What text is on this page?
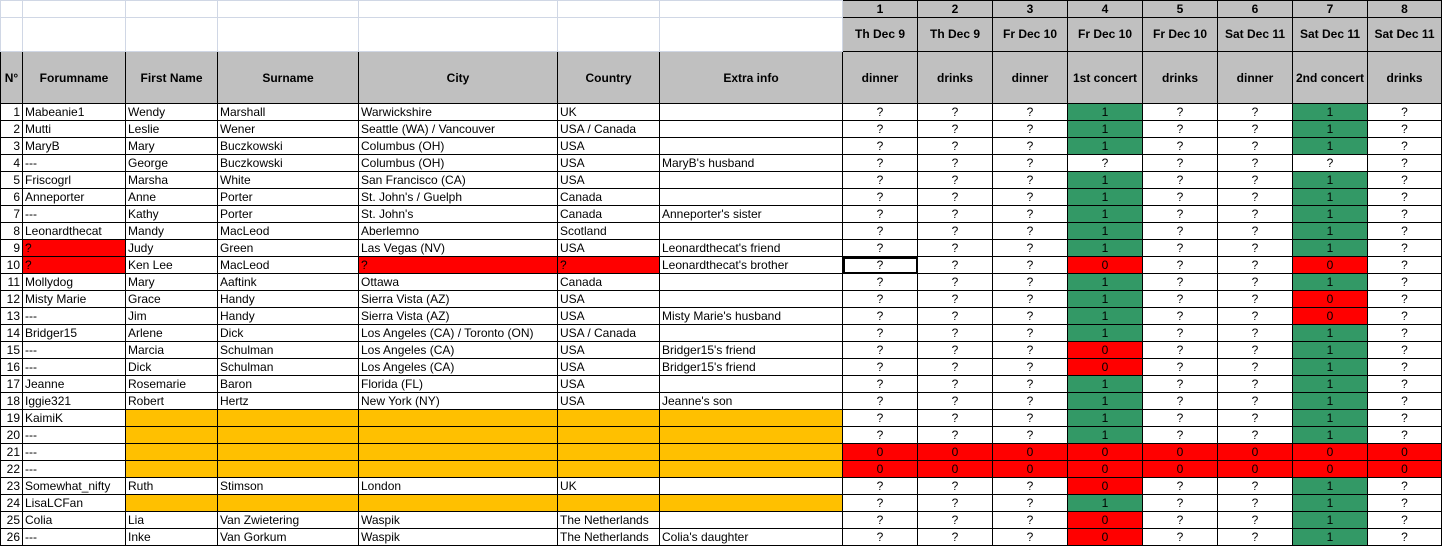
							1	2	3	4	5	6	7	8
							Th Dec 9	Th Dec 9	Fr Dec 10	Fr Dec 10	Fr Dec 10	Sat Dec 11	Sat Dec 11	Sat Dec 11
N°	Forumname	First Name	Surname	City	Country	Extra info	dinner	drinks	dinner	1st concert	drinks	dinner	2nd concert	drinks
1	Mabeanie1	Wendy	Marshall	Warwickshire	UK		?	?	?	1	?	?	1	?
2	Mutti	Leslie	Wener	Seattle (WA) / Vancouver	USA / Canada		?	?	?	1	?	?	1	?
3	MaryB	Mary	Buczkowski	Columbus (OH)	USA		?	?	?	1	?	?	1	?
4	---	George	Buczkowski	Columbus (OH)	USA	MaryB's husband	?	?	?	?	?	?	?	?
5	Friscogrl	Marsha	White	San Francisco (CA)	USA		?	?	?	1	?	?	1	?
6	Anneporter	Anne	Porter	St. John's / Guelph	Canada		?	?	?	1	?	?	1	?
7	---	Kathy	Porter	St. John's	Canada	Anneporter's sister	?	?	?	1	?	?	1	?
8	Leonardthecat	Mandy	MacLeod	Aberlemno	Scotland		?	?	?	1	?	?	1	?
9	?	Judy	Green	Las Vegas (NV)	USA	Leonardthecat's friend	?	?	?	1	?	?	1	?
10	?	Ken Lee	MacLeod	?	?	Leonardthecat's brother	?	?	?	0	?	?	0	?
11	Mollydog	Mary	Aaftink	Ottawa	Canada		?	?	?	1	?	?	1	?
12	Misty Marie	Grace	Handy	Sierra Vista (AZ)	USA		?	?	?	1	?	?	0	?
13	---	Jim	Handy	Sierra Vista (AZ)	USA	Misty Marie's husband	?	?	?	1	?	?	0	?
14	Bridger15	Arlene	Dick	Los Angeles (CA) / Toronto (ON)	USA / Canada		?	?	?	1	?	?	1	?
15	---	Marcia	Schulman	Los Angeles (CA)	USA	Bridger15's friend	?	?	?	0	?	?	1	?
16	---	Dick	Schulman	Los Angeles (CA)	USA	Bridger15's friend	?	?	?	0	?	?	1	?
17	Jeanne	Rosemarie	Baron	Florida (FL)	USA		?	?	?	1	?	?	1	?
18	Iggie321	Robert	Hertz	New York (NY)	USA	Jeanne's son	?	?	?	1	?	?	1	?
19	KaimiK						?	?	?	1	?	?	1	?
20	---						?	?	?	1	?	?	1	?
21	---						0	0	0	0	0	0	0	0
22	---						0	0	0	0	0	0	0	0
23	Somewhat_nifty	Ruth	Stimson	London	UK		?	?	?	0	?	?	1	?
24	LisaLCFan						?	?	?	1	?	?	1	?
25	Colia	Lia	Van Zwietering	Waspik	The Netherlands		?	?	?	0	?	?	1	?
26	---	Inke	Van Gorkum	Waspik	The Netherlands	Colia's daughter	?	?	?	0	?	?	1	?
